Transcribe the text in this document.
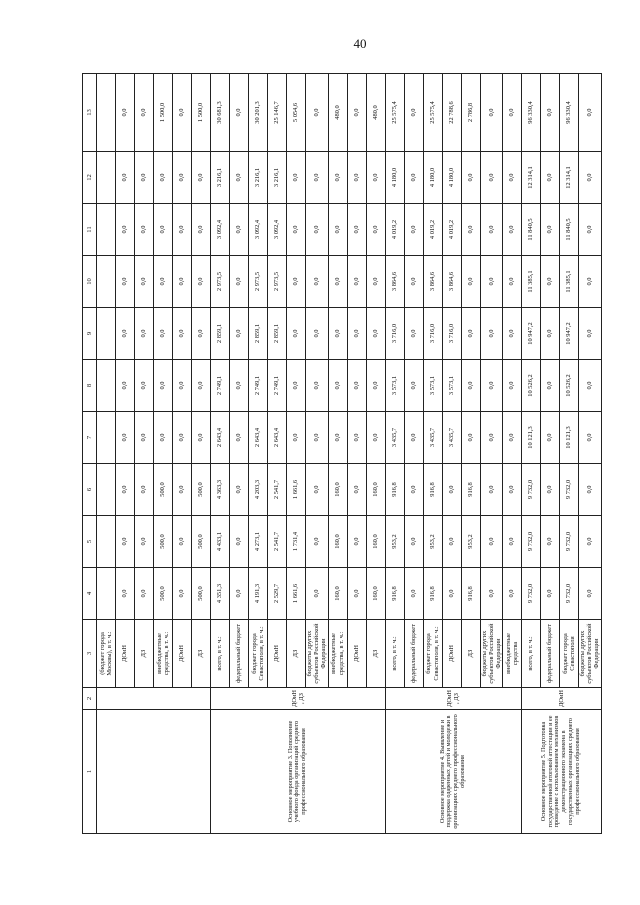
40
1	2	3	4	5	6	7	8	9	10	11	12	13
		(бюджет города Москвы), в т. ч.:										
		ДОиН	0,0	0,0	0,0	0,0	0,0	0,0	0,0	0,0	0,0	0,0
		ДЗ	0,0	0,0	0,0	0,0	0,0	0,0	0,0	0,0	0,0	0,0
		внебюджетные средства, в т. ч.:	500,0	500,0	500,0	0,0	0,0	0,0	0,0	0,0	0,0	1 500,0
		ДОиН	0,0	0,0	0,0	0,0	0,0	0,0	0,0	0,0	0,0	0,0
		ДЗ	500,0	500,0	500,0	0,0	0,0	0,0	0,0	0,0	0,0	1 500,0
Основное мероприятие 3. Пополнение учебного фонда организаций среднего профессионального образования	ДОиН, ДЗ	всего, в т. ч.:	4 351,3	4 433,1	4 363,3	2 643,4	2 749,1	2 859,1	2 973,5	3 092,4	3 216,1	30 681,3
		федеральный бюджет	0,0	0,0	0,0	0,0	0,0	0,0	0,0	0,0	0,0	0,0
		бюджет города Севастополя, в т. ч.:	4 191,3	4 273,1	4 203,3	2 643,4	2 749,1	2 859,1	2 973,5	3 092,4	3 216,1	30 201,3
		ДОиН	2 529,7	2 541,7	2 541,7	2 643,4	2 749,1	2 859,1	2 973,5	3 092,4	3 216,1	25 146,7
		ДЗ	1 661,6	1 731,4	1 661,6	0,0	0,0	0,0	0,0	0,0	0,0	5 054,6
		бюджеты других субъектов Российской Федерации	0,0	0,0	0,0	0,0	0,0	0,0	0,0	0,0	0,0	0,0
		внебюджетные средства, в т. ч.:	160,0	160,0	160,0	0,0	0,0	0,0	0,0	0,0	0,0	480,0
		ДОиН	0,0	0,0	0,0	0,0	0,0	0,0	0,0	0,0	0,0	0,0
		ДЗ	160,0	160,0	160,0	0,0	0,0	0,0	0,0	0,0	0,0	480,0
Основное мероприятие 4. Выявление и поддержка одаренных детей и молодежи в организациях среднего профессионального образования	ДОиН, ДЗ	всего, в т. ч.:	916,8	953,2	916,8	3 435,7	3 573,1	3 716,0	3 864,6	4 019,2	4 180,0	25 575,4
		федеральный бюджет	0,0	0,0	0,0	0,0	0,0	0,0	0,0	0,0	0,0	0,0
		бюджет города Севастополя, в т. ч.:	916,8	953,2	916,8	3 435,7	3 573,1	3 716,0	3 864,6	4 019,2	4 180,0	25 575,4
		ДОиН	0,0	0,0	0,0	3 435,7	3 573,1	3 716,0	3 864,6	4 019,2	4 180,0	22 788,6
		ДЗ	916,8	953,2	916,8	0,0	0,0	0,0	0,0	0,0	0,0	2 786,8
		бюджеты других субъектов Российской Федерации	0,0	0,0	0,0	0,0	0,0	0,0	0,0	0,0	0,0	0,0
		внебюджетные средства	0,0	0,0	0,0	0,0	0,0	0,0	0,0	0,0	0,0	0,0
Основное мероприятие 5. Подготовка государственной итоговой аттестации и ее проведение с использованием механизмов демонстрационного экзамена в государственных организациях среднего профессионального образования	ДОиН	всего, в т. ч.:	9 732,0	9 732,0	9 732,0	10 121,3	10 526,2	10 947,2	11 385,1	11 840,5	12 314,1	96 330,4
		федеральный бюджет	0,0	0,0	0,0	0,0	0,0	0,0	0,0	0,0	0,0	0,0
		бюджет города Севастополя	9 732,0	9 732,0	9 732,0	10 121,3	10 526,2	10 947,2	11 385,1	11 840,5	12 314,1	96 330,4
		бюджеты других субъектов Российской Федерации	0,0	0,0	0,0	0,0	0,0	0,0	0,0	0,0	0,0	0,0
